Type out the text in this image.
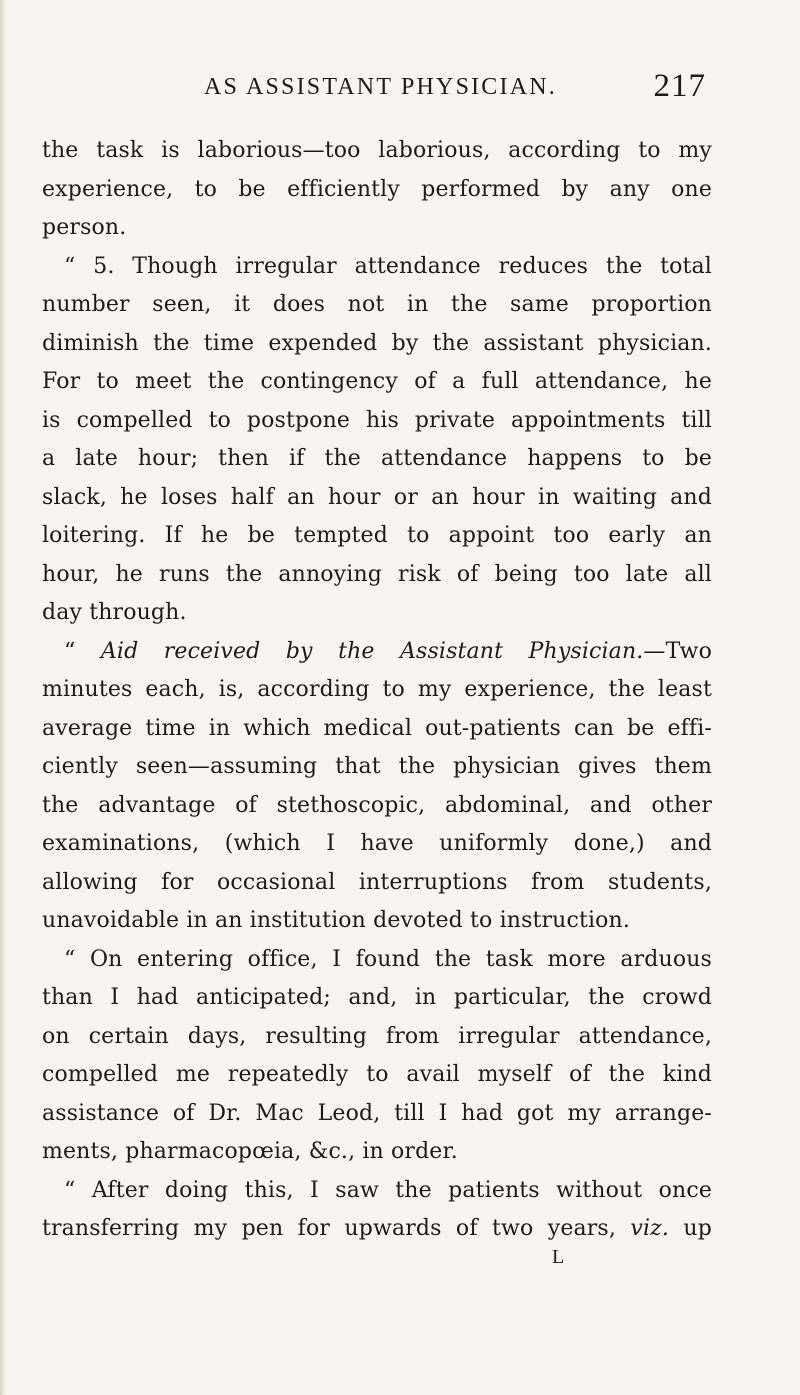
AS ASSISTANT PHYSICIAN.	217
the task is laborious—too laborious, according to my
experience, to be efficiently performed by any one
person.
“ 5. Though irregular attendance reduces the total
number seen, it does not in the same proportion
diminish the time expended by the assistant physician.
For to meet the contingency of a full attendance, he
is compelled to postpone his private appointments till
a late hour; then if the attendance happens to be
slack, he loses half an hour or an hour in waiting and
loitering. If he be tempted to appoint too early an
hour, he runs the annoying risk of being too late all
day through.
“ Aid received by the Assistant Physician.—Two
minutes each, is, according to my experience, the least
average time in which medical out-patients can be effi-
ciently seen—assuming that the physician gives them
the advantage of stethoscopic, abdominal, and other
examinations, (which I have uniformly done,) and
allowing for occasional interruptions from students,
unavoidable in an institution devoted to instruction.
“ On entering office, I found the task more arduous
than I had anticipated; and, in particular, the crowd
on certain days, resulting from irregular attendance,
compelled me repeatedly to avail myself of the kind
assistance of Dr. Mac Leod, till I had got my arrange-
ments, pharmacopœia, &c., in order.
“ After doing this, I saw the patients without once
transferring my pen for upwards of two years, viz. up
L
